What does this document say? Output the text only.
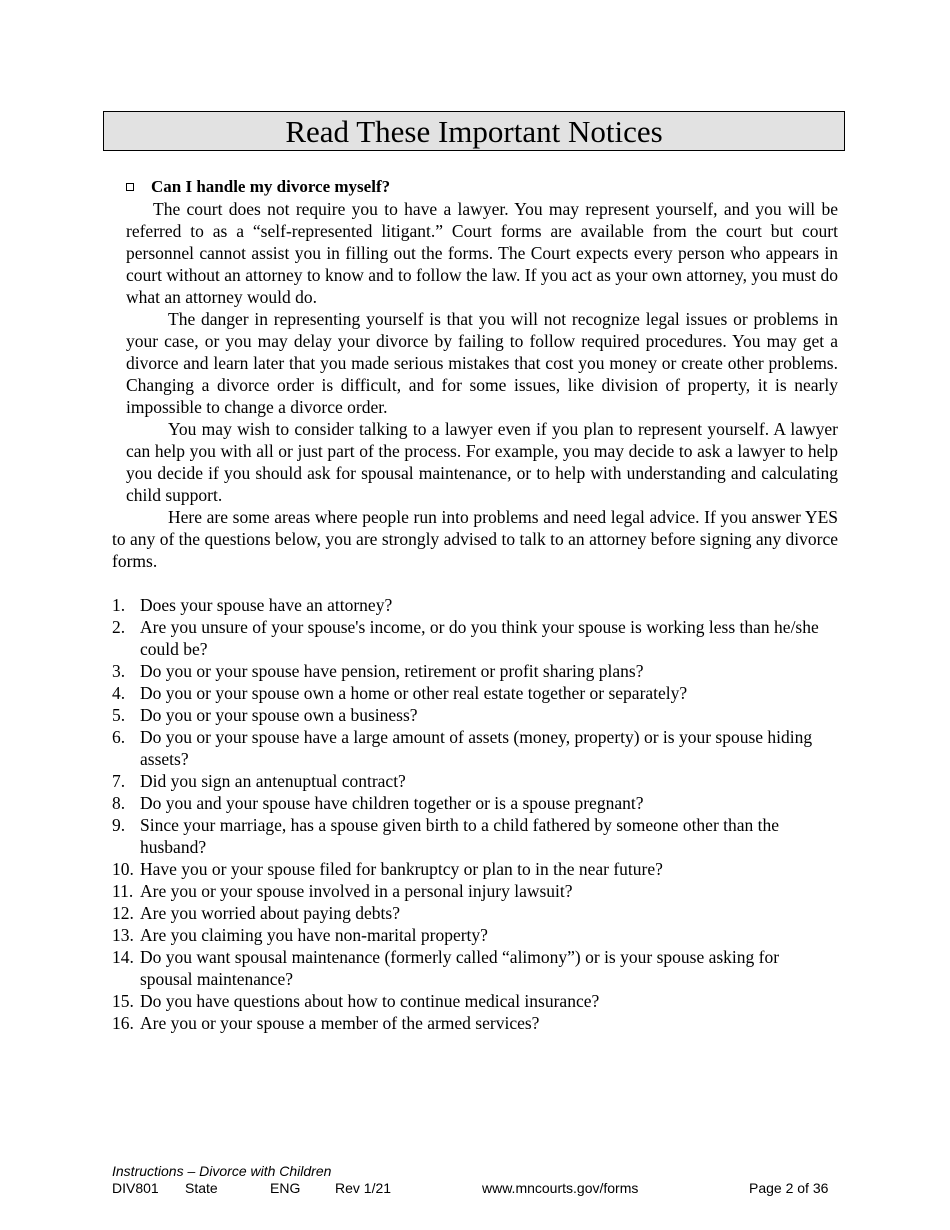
Read These Important Notices
Can I handle my divorce myself?
The court does not require you to have a lawyer. You may represent yourself, and you will be referred to as a “self-represented litigant.” Court forms are available from the court but court personnel cannot assist you in filling out the forms. The Court expects every person who appears in court without an attorney to know and to follow the law. If you act as your own attorney, you must do what an attorney would do.
The danger in representing yourself is that you will not recognize legal issues or problems in your case, or you may delay your divorce by failing to follow required procedures. You may get a divorce and learn later that you made serious mistakes that cost you money or create other problems. Changing a divorce order is difficult, and for some issues, like division of property, it is nearly impossible to change a divorce order.
You may wish to consider talking to a lawyer even if you plan to represent yourself. A lawyer can help you with all or just part of the process. For example, you may decide to ask a lawyer to help you decide if you should ask for spousal maintenance, or to help with understanding and calculating child support.
Here are some areas where people run into problems and need legal advice. If you answer YES to any of the questions below, you are strongly advised to talk to an attorney before signing any divorce forms.
1. Does your spouse have an attorney?
2. Are you unsure of your spouse's income, or do you think your spouse is working less than he/she could be?
3. Do you or your spouse have pension, retirement or profit sharing plans?
4. Do you or your spouse own a home or other real estate together or separately?
5. Do you or your spouse own a business?
6. Do you or your spouse have a large amount of assets (money, property) or is your spouse hiding assets?
7. Did you sign an antenuptual contract?
8. Do you and your spouse have children together or is a spouse pregnant?
9. Since your marriage, has a spouse given birth to a child fathered by someone other than the husband?
10. Have you or your spouse filed for bankruptcy or plan to in the near future?
11. Are you or your spouse involved in a personal injury lawsuit?
12. Are you worried about paying debts?
13. Are you claiming you have non-marital property?
14. Do you want spousal maintenance (formerly called “alimony”) or is your spouse asking for spousal maintenance?
15. Do you have questions about how to continue medical insurance?
16. Are you or your spouse a member of the armed services?
Instructions – Divorce with Children
DIV801 State	ENG Rev 1/21	www.mncourts.gov/forms	Page 2 of 36
